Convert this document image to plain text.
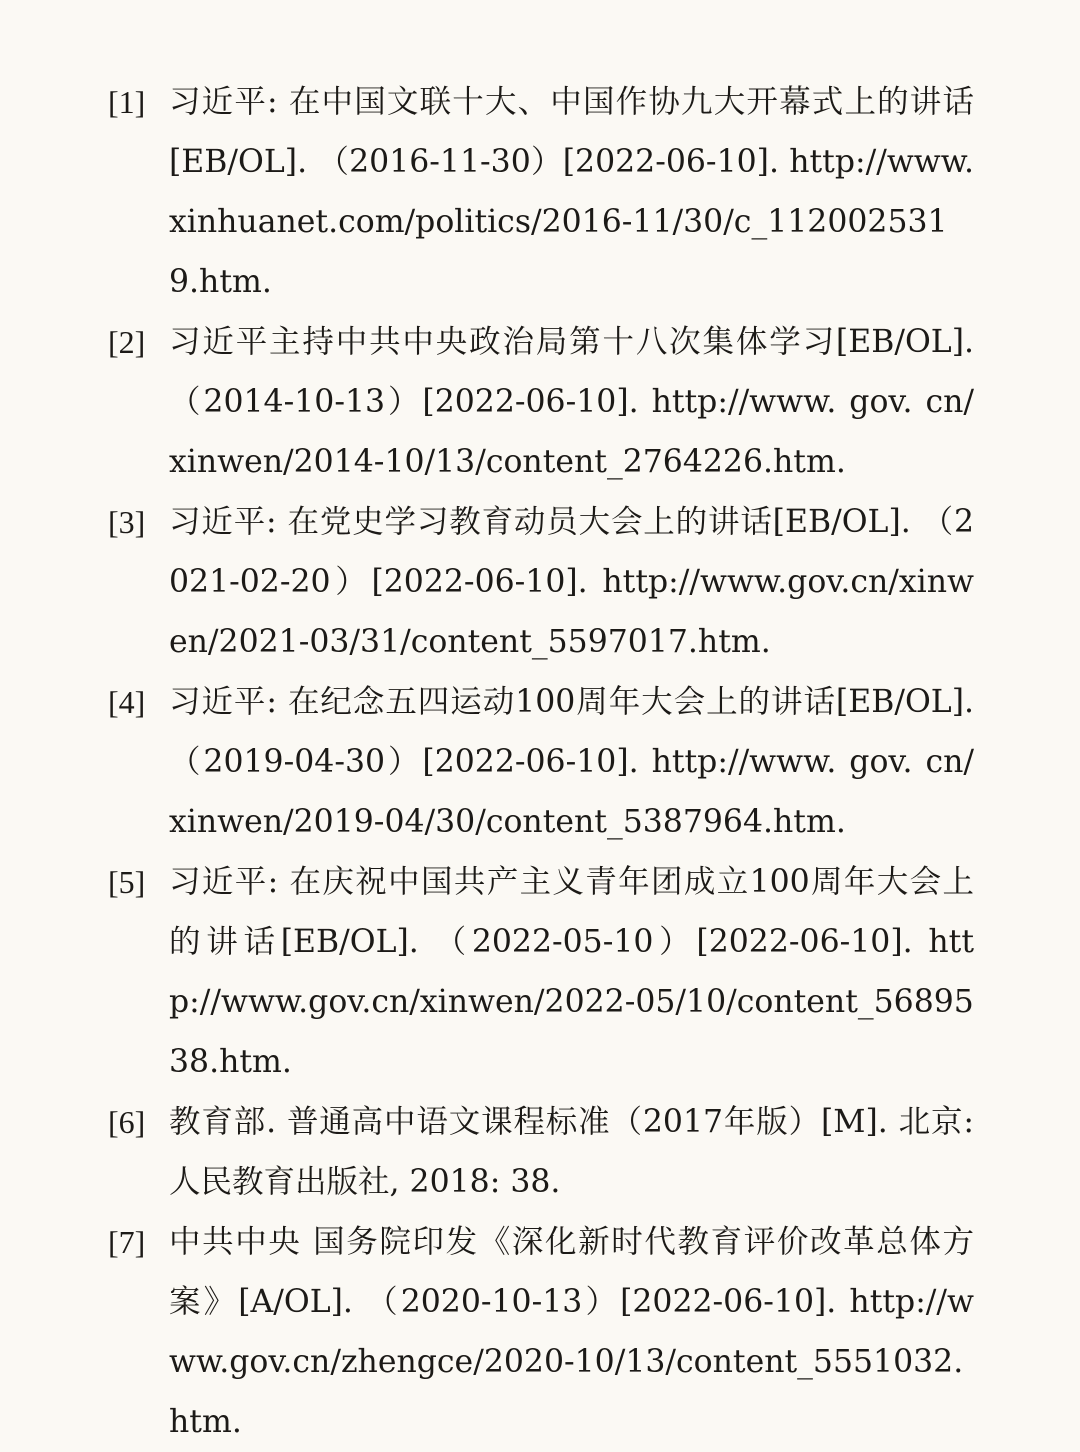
[1] 习近平: 在中国文联十大、中国作协九大开幕式上的讲话[EB/OL]. （2016-11-30）[2022-06-10]. http://www.xinhuanet.com/politics/2016-11/30/c_1120025319.htm.
[2] 习近平主持中共中央政治局第十八次集体学习[EB/OL]. （2014-10-13）[2022-06-10]. http://www. gov. cn/xinwen/2014-10/13/content_2764226.htm.
[3] 习近平: 在党史学习教育动员大会上的讲话[EB/OL]. （2021-02-20）[2022-06-10]. http://www.gov.cn/xinwen/2021-03/31/content_5597017.htm.
[4] 习近平: 在纪念五四运动100周年大会上的讲话[EB/OL]. （2019-04-30）[2022-06-10]. http://www. gov. cn/xinwen/2019-04/30/content_5387964.htm.
[5] 习近平: 在庆祝中国共产主义青年团成立100周年大会上的讲话[EB/OL]. （2022-05-10）[2022-06-10]. http://www.gov.cn/xinwen/2022-05/10/content_5689538.htm.
[6] 教育部. 普通高中语文课程标准（2017年版）[M]. 北京: 人民教育出版社, 2018: 38.
[7] 中共中央 国务院印发《深化新时代教育评价改革总体方案》[A/OL]. （2020-10-13）[2022-06-10]. http://www.gov.cn/zhengce/2020-10/13/content_5551032.htm.
